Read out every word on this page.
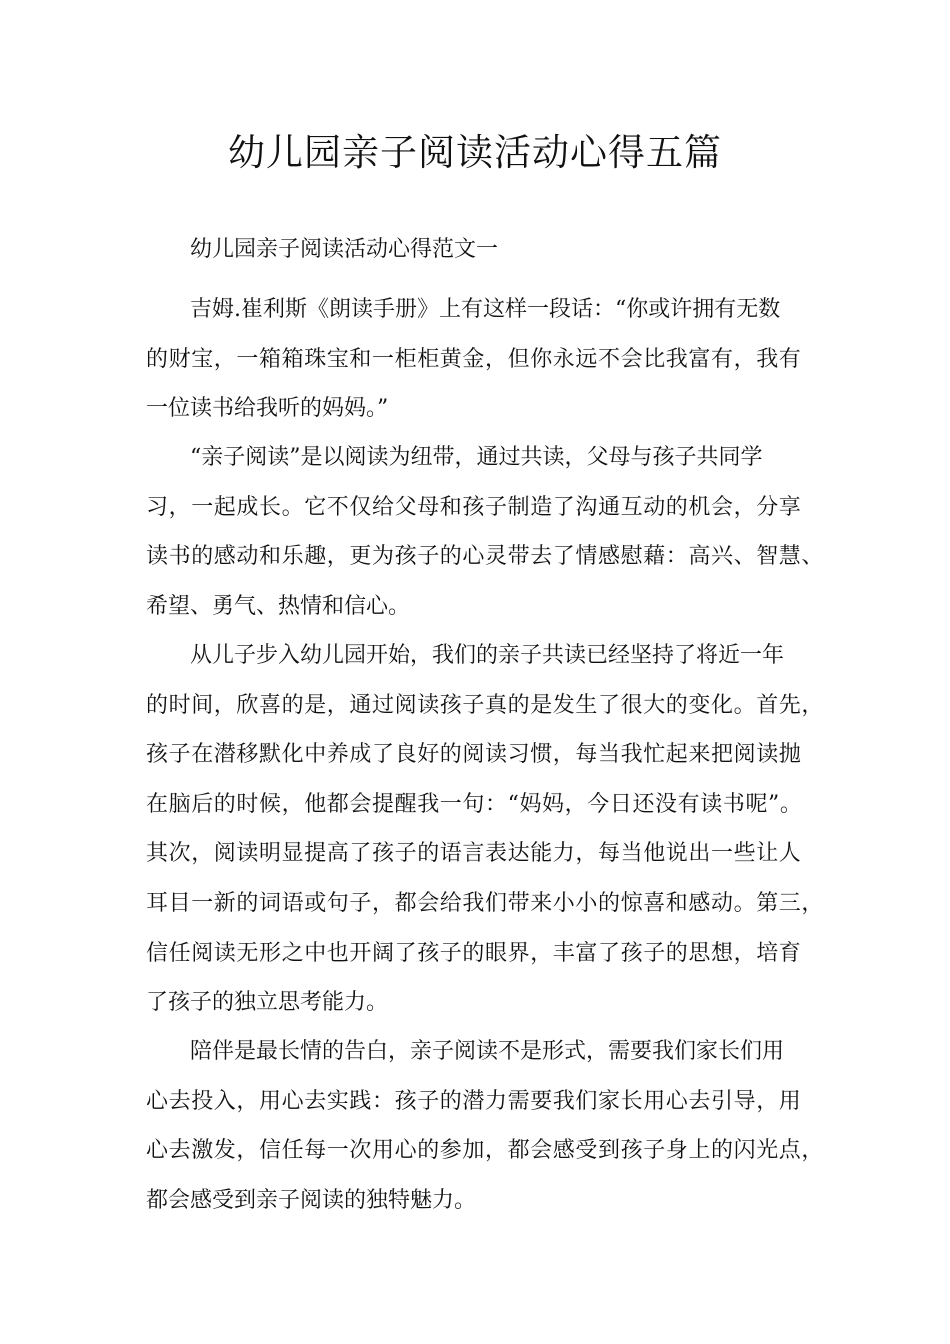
幼儿园亲子阅读活动心得五篇

幼儿园亲子阅读活动心得范文一

吉姆.崔利斯《朗读手册》上有这样一段话：“你或许拥有无数
的财宝，一箱箱珠宝和一柜柜黄金，但你永远不会比我富有，我有
一位读书给我听的妈妈。”
“亲子阅读”是以阅读为纽带，通过共读，父母与孩子共同学
习，一起成长。它不仅给父母和孩子制造了沟通互动的机会，分享
读书的感动和乐趣，更为孩子的心灵带去了情感慰藉：高兴、智慧、
希望、勇气、热情和信心。
从儿子步入幼儿园开始，我们的亲子共读已经坚持了将近一年
的时间，欣喜的是，通过阅读孩子真的是发生了很大的变化。首先，
孩子在潜移默化中养成了良好的阅读习惯，每当我忙起来把阅读抛
在脑后的时候，他都会提醒我一句：“妈妈，今日还没有读书呢”。
其次，阅读明显提高了孩子的语言表达能力，每当他说出一些让人
耳目一新的词语或句子，都会给我们带来小小的惊喜和感动。第三，
信任阅读无形之中也开阔了孩子的眼界，丰富了孩子的思想，培育
了孩子的独立思考能力。
陪伴是最长情的告白，亲子阅读不是形式，需要我们家长们用
心去投入，用心去实践：孩子的潜力需要我们家长用心去引导，用
心去激发，信任每一次用心的参加，都会感受到孩子身上的闪光点，
都会感受到亲子阅读的独特魅力。
